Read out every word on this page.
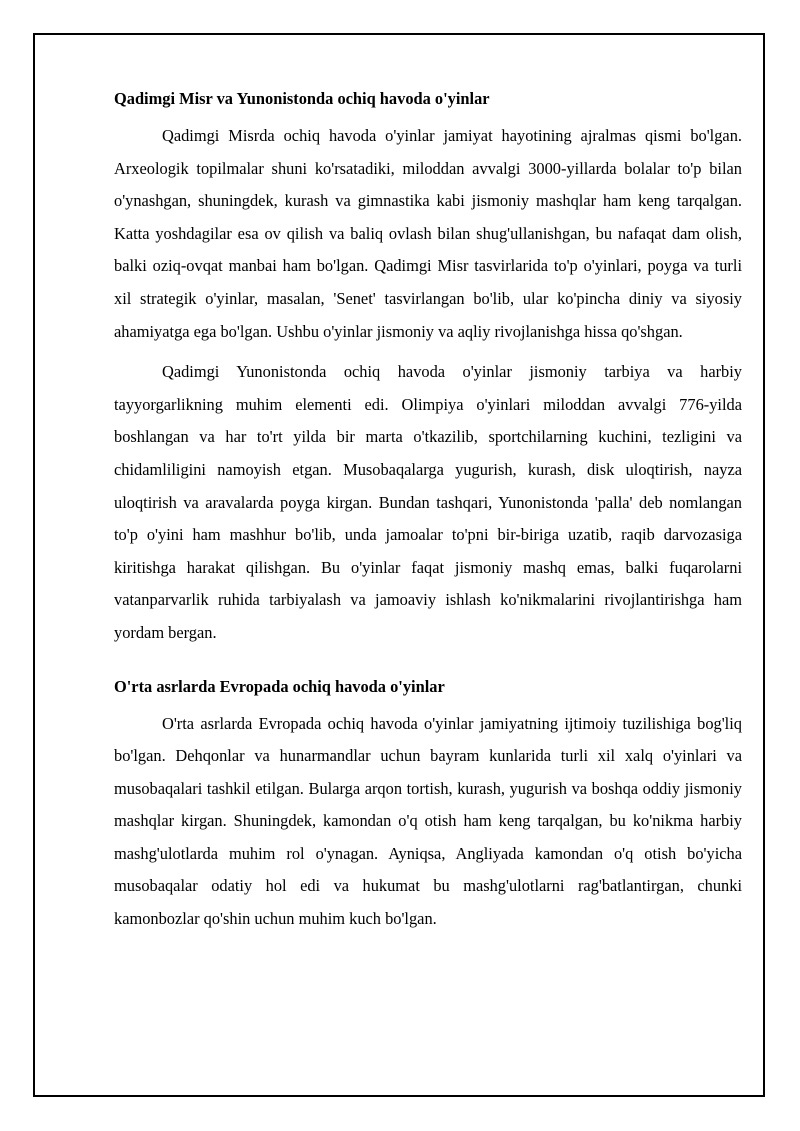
Qadimgi Misr va Yunonistonda ochiq havoda o'yinlar

Qadimgi Misrda ochiq havoda o'yinlar jamiyat hayotining ajralmas qismi bo'lgan. Arxeologik topilmalar shuni ko'rsatadiki, miloddan avvalgi 3000-yillarda bolalar to'p bilan o'ynashgan, shuningdek, kurash va gimnastika kabi jismoniy mashqlar ham keng tarqalgan. Katta yoshdagilar esa ov qilish va baliq ovlash bilan shug'ullanishgan, bu nafaqat dam olish, balki oziq-ovqat manbai ham bo'lgan. Qadimgi Misr tasvirlarida to'p o'yinlari, poyga va turli xil strategik o'yinlar, masalan, 'Senet' tasvirlangan bo'lib, ular ko'pincha diniy va siyosiy ahamiyatga ega bo'lgan. Ushbu o'yinlar jismoniy va aqliy rivojlanishga hissa qo'shgan.

Qadimgi Yunonistonda ochiq havoda o'yinlar jismoniy tarbiya va harbiy tayyorgarlikning muhim elementi edi. Olimpiya o'yinlari miloddan avvalgi 776-yilda boshlangan va har to'rt yilda bir marta o'tkazilib, sportchilarning kuchini, tezligini va chidamliligini namoyish etgan. Musobaqalarga yugurish, kurash, disk uloqtirish, nayza uloqtirish va aravalarda poyga kirgan. Bundan tashqari, Yunonistonda 'palla' deb nomlangan to'p o'yini ham mashhur bo'lib, unda jamoalar to'pni bir-biriga uzatib, raqib darvozasiga kiritishga harakat qilishgan. Bu o'yinlar faqat jismoniy mashq emas, balki fuqarolarni vatanparvarlik ruhida tarbiyalash va jamoaviy ishlash ko'nikmalarini rivojlantirishga ham yordam bergan.

O'rta asrlarda Evropada ochiq havoda o'yinlar

O'rta asrlarda Evropada ochiq havoda o'yinlar jamiyatning ijtimoiy tuzilishiga bog'liq bo'lgan. Dehqonlar va hunarmandlar uchun bayram kunlarida turli xil xalq o'yinlari va musobaqalari tashkil etilgan. Bularga arqon tortish, kurash, yugurish va boshqa oddiy jismoniy mashqlar kirgan. Shuningdek, kamondan o'q otish ham keng tarqalgan, bu ko'nikma harbiy mashg'ulotlarda muhim rol o'ynagan. Ayniqsa, Angliyada kamondan o'q otish bo'yicha musobaqalar odatiy hol edi va hukumat bu mashg'ulotlarni rag'batlantirgan, chunki kamonbozlar qo'shin uchun muhim kuch bo'lgan.
